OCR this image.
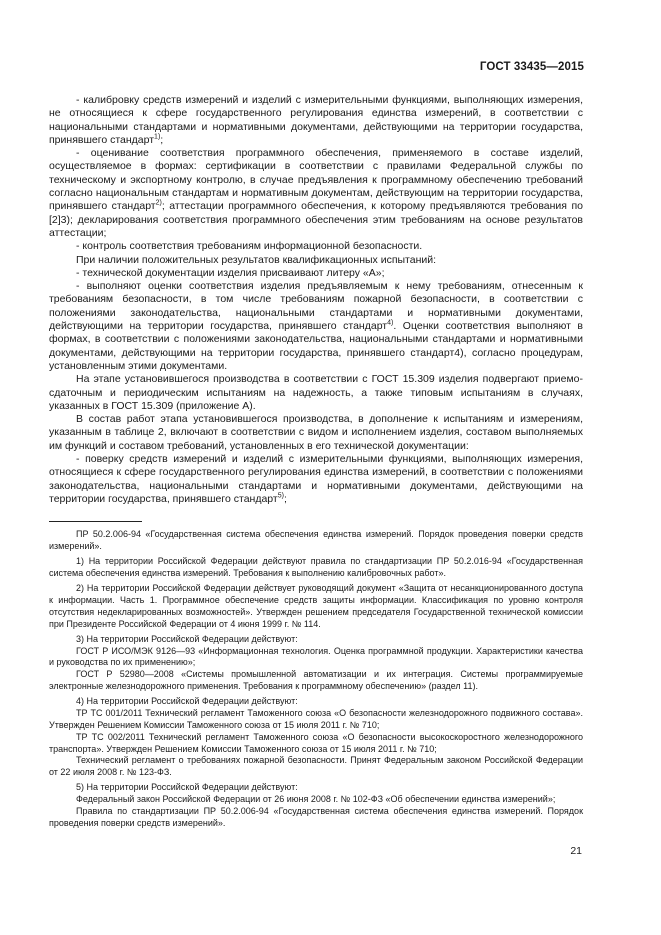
ГОСТ 33435—2015

- калибровку средств измерений и изделий с измерительными функциями, выполняющих измерения, не относящиеся к сфере государственного регулирования единства измерений, в соответствии с национальными стандартами и нормативными документами, действующими на территории государства, принявшего стандарт$^{1)}$;

- оценивание соответствия программного обеспечения, применяемого в составе изделий, осуществляемое в формах: сертификации в соответствии с правилами Федеральной службы по техническому и экспортному контролю, в случае предъявления к программному обеспечению требований согласно национальным стандартам и нормативным документам, действующим на территории государства, принявшего стандарт$^{2)}$; аттестации программного обеспечения, к которому предъявляются требования по [2]3); декларирования соответствия программного обеспечения этим требованиям на основе результатов аттестации;

- контроль соответствия требованиям информационной безопасности.

При наличии положительных результатов квалификационных испытаний:

- технической документации изделия присваивают литеру «А»;

- выполняют оценки соответствия изделия предъявляемым к нему требованиям, отнесенным к требованиям безопасности, в том числе требованиям пожарной безопасности, в соответствии с положениями законодательства, национальными стандартами и нормативными документами, действующими на территории государства, принявшего стандарт$^{4)}$. Оценки соответствия выполняют в формах, в соответствии с положениями законодательства, национальными стандартами и нормативными документами, действующими на территории государства, принявшего стандарт4), согласно процедурам, установленным этими документами.

На этапе установившегося производства в соответствии с ГОСТ 15.309 изделия подвергают приемо-сдаточным и периодическим испытаниям на надежность, а также типовым испытаниям в случаях, указанных в ГОСТ 15.309 (приложение А).

В состав работ этапа установившегося производства, в дополнение к испытаниям и измерениям, указанным в таблице 2, включают в соответствии с видом и исполнением изделия, составом выполняемых им функций и составом требований, установленных в его технической документации:

- поверку средств измерений и изделий с измерительными функциями, выполняющих измерения, относящиеся к сфере государственного регулирования единства измерений, в соответствии с положениями законодательства, национальными стандартами и нормативными документами, действующими на территории государства, принявшего стандарт$^{5)}$;

ПР 50.2.006-94 «Государственная система обеспечения единства измерений. Порядок проведения поверки средств измерений».

1) На территории Российской Федерации действуют правила по стандартизации ПР 50.2.016-94 «Государственная система обеспечения единства измерений. Требования к выполнению калибровочных работ».

2) На территории Российской Федерации действует руководящий документ «Защита от несанкционированного доступа к информации. Часть 1. Программное обеспечение средств защиты информации. Классификация по уровню контроля отсутствия недекларированных возможностей». Утвержден решением председателя Государственной технической комиссии при Президенте Российской Федерации от 4 июня 1999 г. № 114.

3) На территории Российской Федерации действуют:

ГОСТ Р ИСО/МЭК 9126—93 «Информационная технология. Оценка программной продукции. Характеристики качества и руководства по их применению»;

ГОСТ Р 52980—2008 «Системы промышленной автоматизации и их интеграция. Системы программируемые электронные железнодорожного применения. Требования к программному обеспечению» (раздел 11).

4) На территории Российской Федерации действуют:

ТР ТС 001/2011 Технический регламент Таможенного союза «О безопасности железнодорожного подвижного состава». Утвержден Решением Комиссии Таможенного союза от 15 июля 2011 г. № 710;

ТР ТС 002/2011 Технический регламент Таможенного союза «О безопасности высокоскоростного железнодорожного транспорта». Утвержден Решением Комиссии Таможенного союза от 15 июля 2011 г. № 710;

Технический регламент о требованиях пожарной безопасности. Принят Федеральным законом Российской Федерации от 22 июля 2008 г. № 123-ФЗ.

5) На территории Российской Федерации действуют:

Федеральный закон Российской Федерации от 26 июня 2008 г. № 102-ФЗ «Об обеспечении единства измерений»;

Правила по стандартизации ПР 50.2.006-94 «Государственная система обеспечения единства измерений. Порядок проведения поверки средств измерений».

21
